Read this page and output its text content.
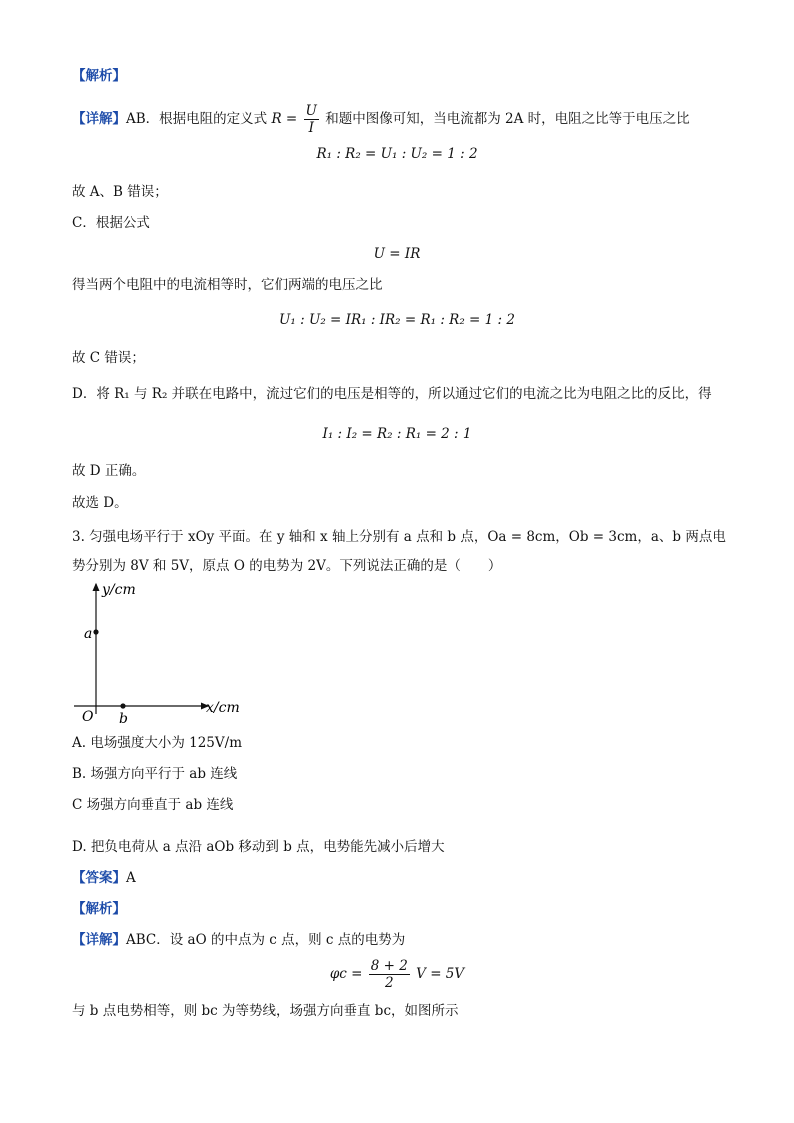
【解析】
【详解】AB．根据电阻的定义式 $R = \frac{U}{I}$ 和题中图像可知，当电流都为 2A 时，电阻之比等于电压之比
R₁ : R₂ = U₁ : U₂ = 1 : 2
故 A、B 错误；
C．根据公式
U = IR
得当两个电阻中的电流相等时，它们两端的电压之比
U₁ : U₂ = IR₁ : IR₂ = R₁ : R₂ = 1 : 2
故 C 错误；
D．将 R₁ 与 R₂ 并联在电路中，流过它们的电压是相等的，所以通过它们的电流之比为电阻之比的反比，得
I₁ : I₂ = R₂ : R₁ = 2 : 1
故 D 正确。
故选 D。
3. 匀强电场平行于 xOy 平面。在 y 轴和 x 轴上分别有 a 点和 b 点，Oa = 8cm，Ob = 3cm，a、b 两点电
势分别为 8V 和 5V，原点 O 的电势为 2V。下列说法正确的是（　　）
y/cm
x/cm
O
a
b
A. 电场强度大小为 125V/m
B. 场强方向平行于 ab 连线
C 场强方向垂直于 ab 连线
D. 把负电荷从 a 点沿 aOb 移动到 b 点，电势能先减小后增大
【答案】A
【解析】
【详解】ABC．设 aO 的中点为 c 点，则 c 点的电势为
$\varphi c = \frac{8 + 2}{2}$ V = 5V
与 b 点电势相等，则 bc 为等势线，场强方向垂直 bc，如图所示
